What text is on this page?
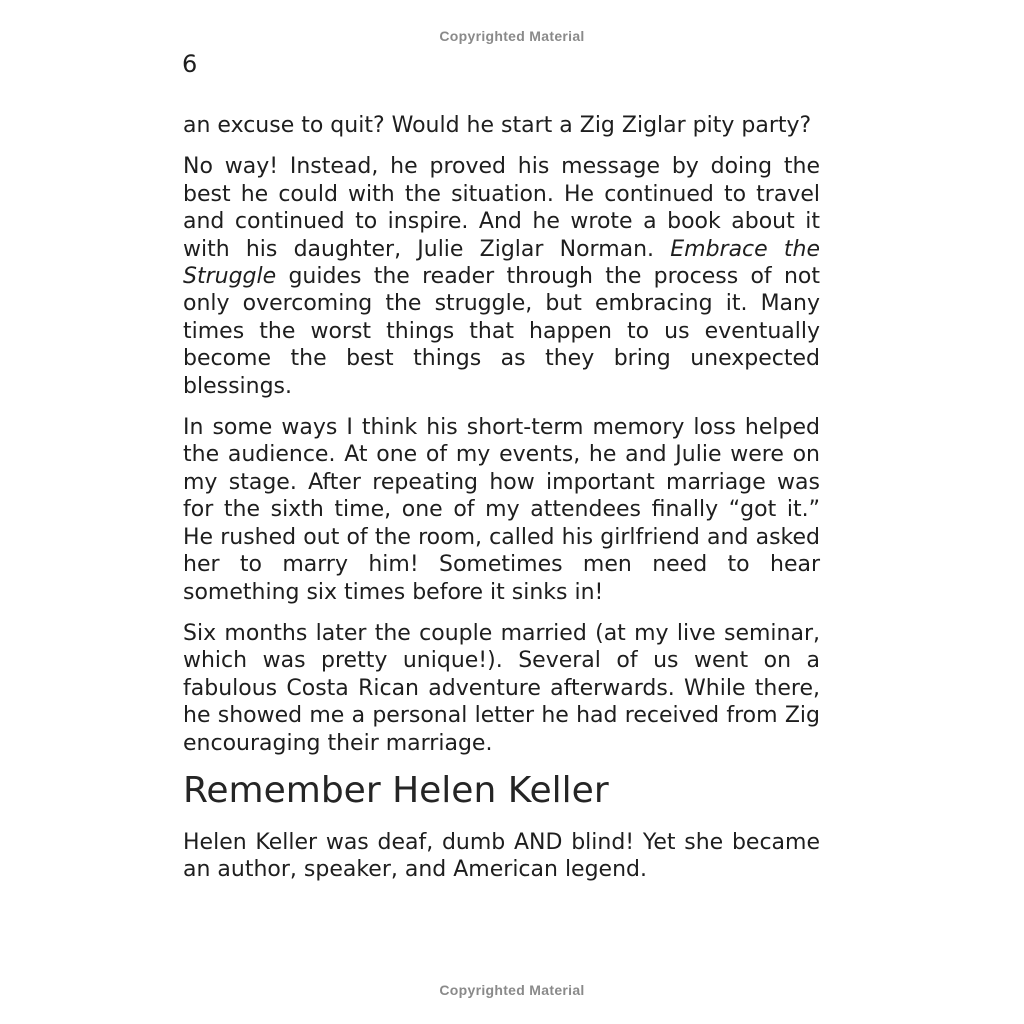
Copyrighted Material
6

an excuse to quit? Would he start a Zig Ziglar pity party?

No way! Instead, he proved his message by doing the best he could with the situation. He continued to travel and continued to inspire. And he wrote a book about it with his daughter, Julie Ziglar Norman. Embrace the Struggle guides the reader through the process of not only overcoming the struggle, but embracing it. Many times the worst things that happen to us eventually become the best things as they bring unexpected blessings.

In some ways I think his short-term memory loss helped the audience. At one of my events, he and Julie were on my stage. After repeating how important marriage was for the sixth time, one of my attendees finally “got it.” He rushed out of the room, called his girlfriend and asked her to marry him! Sometimes men need to hear something six times before it sinks in!

Six months later the couple married (at my live seminar, which was pretty unique!). Several of us went on a fabulous Costa Rican adventure afterwards. While there, he showed me a personal letter he had received from Zig encouraging their marriage.

Remember Helen Keller

Helen Keller was deaf, dumb AND blind! Yet she became an author, speaker, and American legend.

Copyrighted Material
